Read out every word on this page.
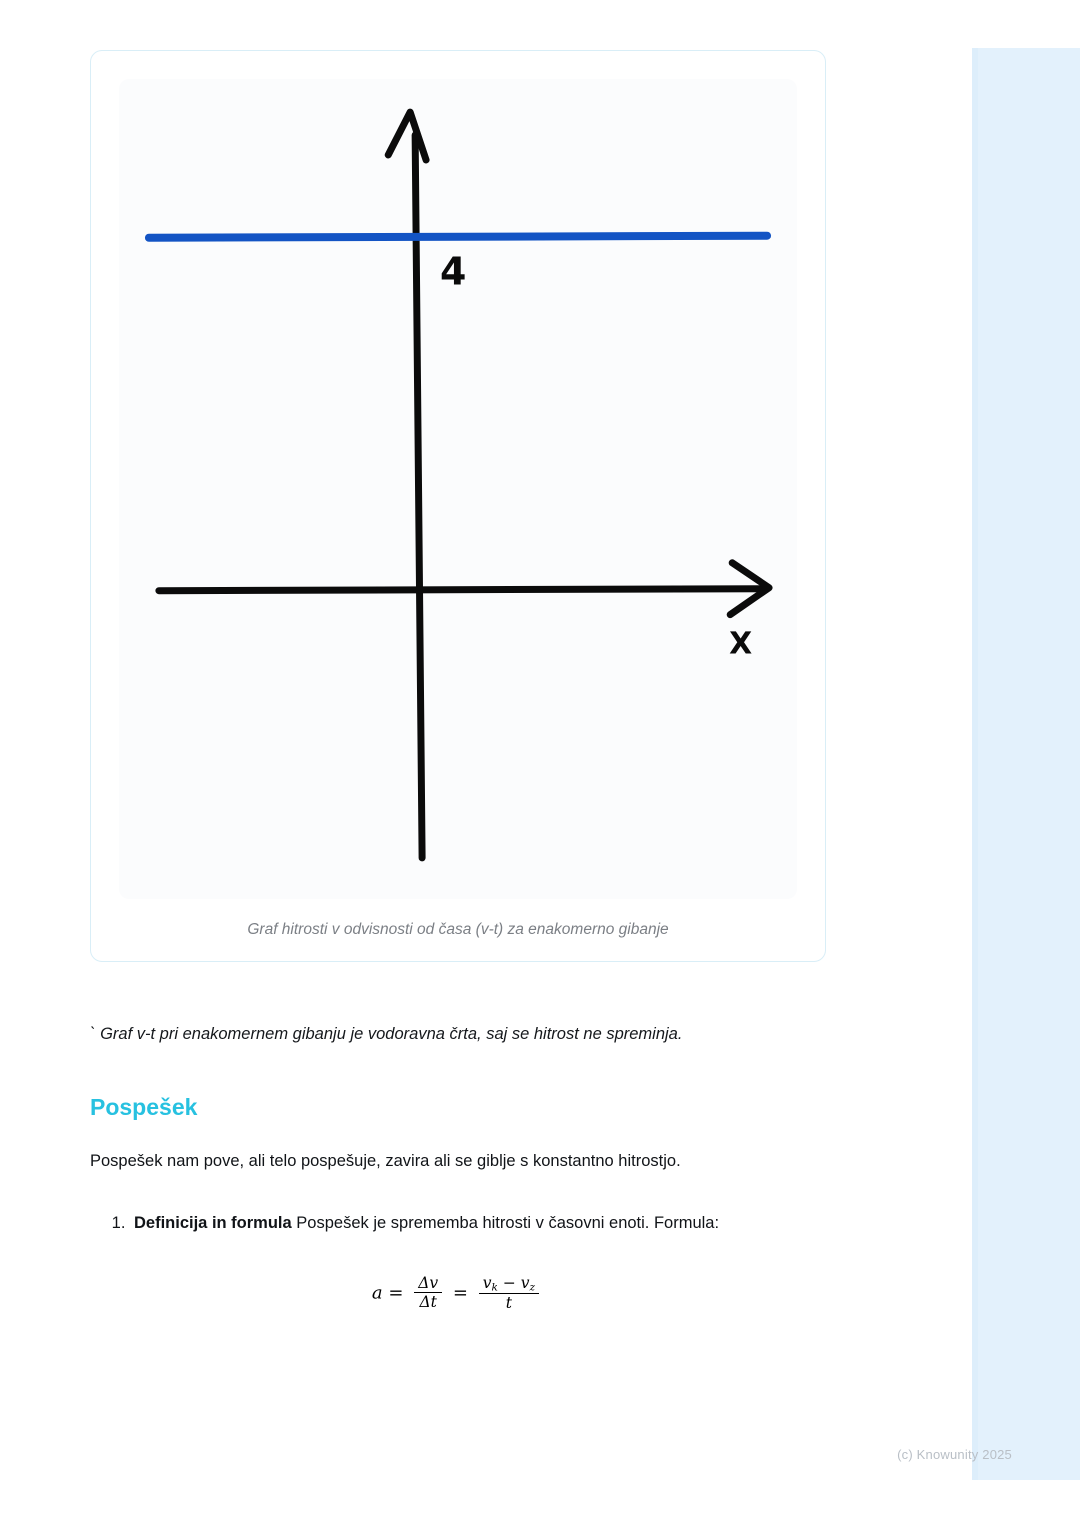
4
X
Graf hitrosti v odvisnosti od časa (v-t) za enakomerno gibanje

` Graf v-t pri enakomernem gibanju je vodoravna črta, saj se hitrost ne spreminja.

Pospešek

Pospešek nam pove, ali telo pospešuje, zavira ali se giblje s konstantno hitrostjo.

1. Definicija in formula Pospešek je sprememba hitrosti v časovni enoti. Formula:
$a = \frac{\Delta v}{\Delta t} = \frac{v_k - v_z}{t}$
(c) Knowunity 2025
